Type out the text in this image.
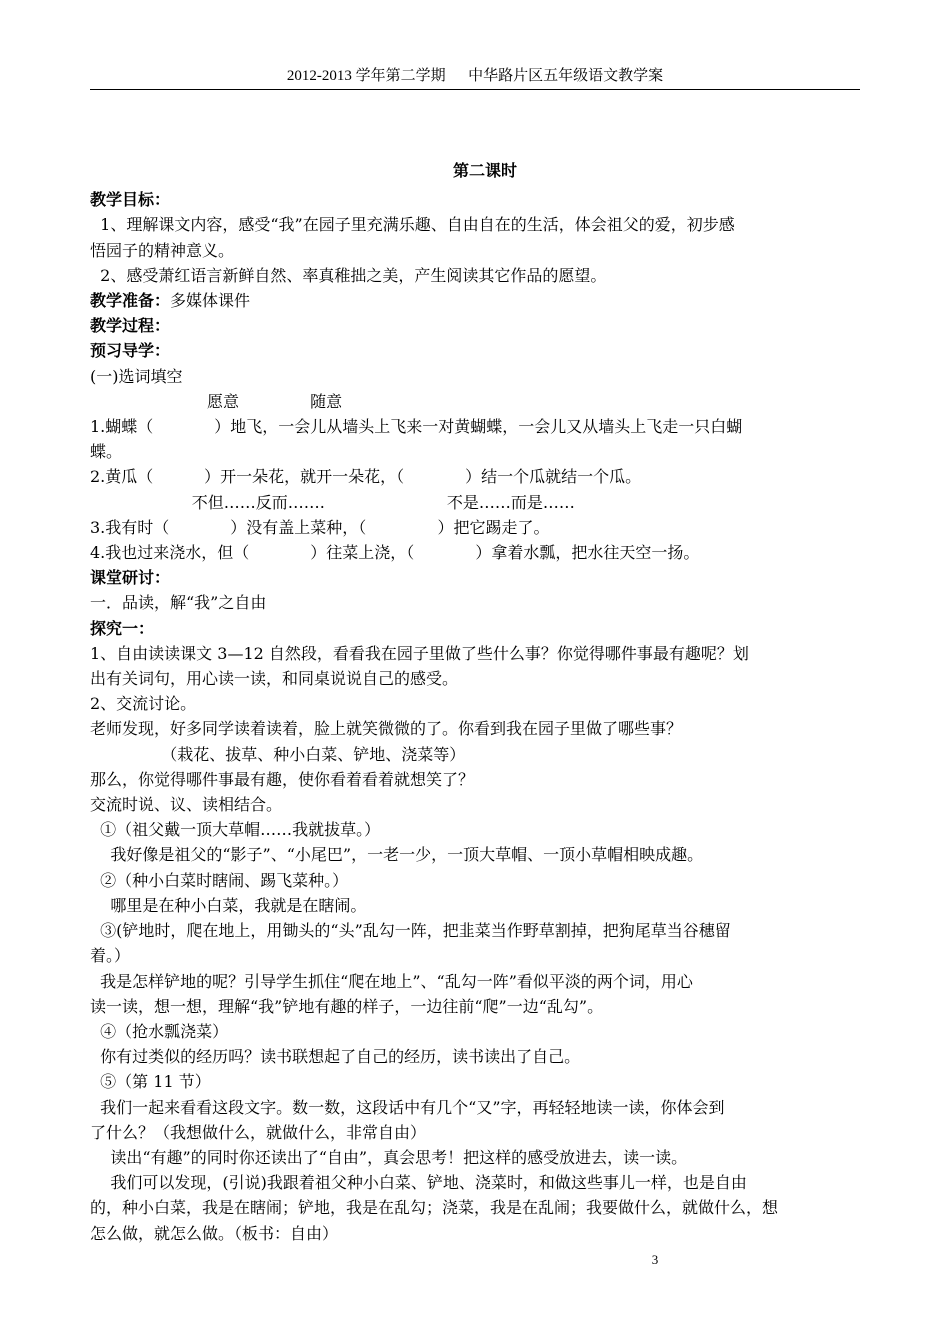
2012-2013 学年第二学期      中华路片区五年级语文教学案
第二课时
教学目标：
1、理解课文内容，感受“我”在园子里充满乐趣、自由自在的生活，体会祖父的爱，初步感
悟园子的精神意义。
2、感受萧红语言新鲜自然、率真稚拙之美，产生阅读其它作品的愿望。
教学准备：多媒体课件
教学过程：
预习导学：
(一)选词填空
愿意              随意
1.蝴蝶（            ）地飞，一会儿从墙头上飞来一对黄蝴蝶，一会儿又从墙头上飞走一只白蝴
蝶。
2.黄瓜（          ）开一朵花，就开一朵花，（            ）结一个瓜就结一个瓜。
不但……反而…….                        不是……而是……
3.我有时（            ）没有盖上菜种，（              ）把它踢走了。
4.我也过来浇水，但（            ）往菜上浇，（            ）拿着水瓢，把水往天空一扬。
课堂研讨：
一．品读，解“我”之自由
探究一：
1、自由读读课文 3—12 自然段，看看我在园子里做了些什么事？你觉得哪件事最有趣呢？划
出有关词句，用心读一读，和同桌说说自己的感受。
2、交流讨论。
老师发现，好多同学读着读着，脸上就笑微微的了。你看到我在园子里做了哪些事？
（栽花、拔草、种小白菜、铲地、浇菜等）
那么，你觉得哪件事最有趣，使你看着看着就想笑了？
交流时说、议、读相结合。
①（祖父戴一顶大草帽……我就拔草。）
我好像是祖父的“影子”、“小尾巴”，一老一少，一顶大草帽、一顶小草帽相映成趣。
②（种小白菜时瞎闹、踢飞菜种。）
哪里是在种小白菜，我就是在瞎闹。
③(铲地时，爬在地上，用锄头的“头”乱勾一阵，把韭菜当作野草割掉，把狗尾草当谷穗留
着。）
我是怎样铲地的呢？引导学生抓住“爬在地上”、“乱勾一阵”看似平淡的两个词，用心
读一读，想一想，理解“我”铲地有趣的样子，一边往前“爬”一边“乱勾”。
④（抢水瓢浇菜）
你有过类似的经历吗？读书联想起了自己的经历，读书读出了自己。
⑤（第 11 节）
我们一起来看看这段文字。数一数，这段话中有几个“又”字，再轻轻地读一读，你体会到
了什么？（我想做什么，就做什么，非常自由）
读出“有趣”的同时你还读出了“自由”，真会思考！把这样的感受放进去，读一读。
我们可以发现，(引说)我跟着祖父种小白菜、铲地、浇菜时，和做这些事儿一样，也是自由
的，种小白菜，我是在瞎闹；铲地，我是在乱勾；浇菜，我是在乱闹；我要做什么，就做什么，想
怎么做，就怎么做。（板书：自由）
3
